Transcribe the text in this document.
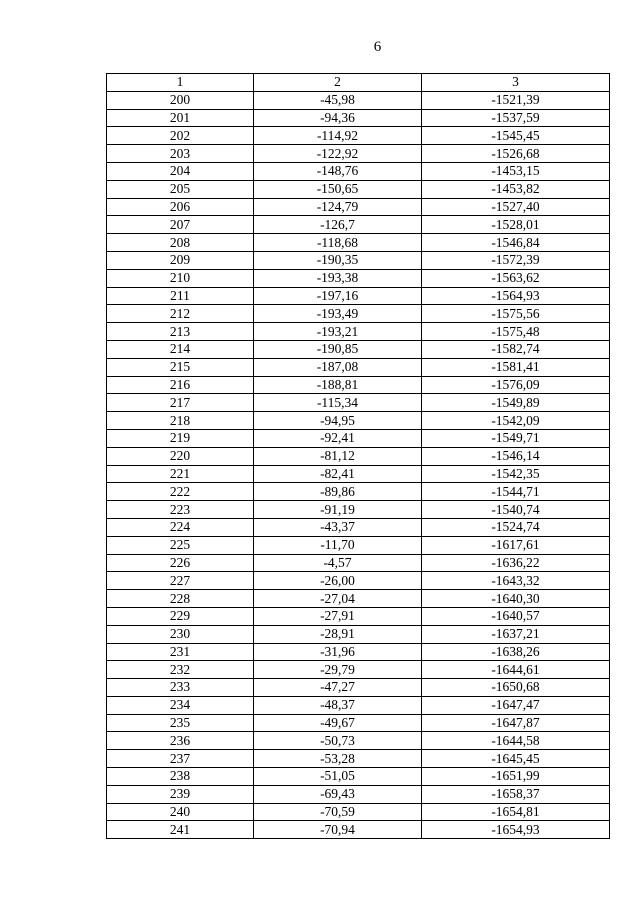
6
1	2	3
200	-45,98	-1521,39
201	-94,36	-1537,59
202	-114,92	-1545,45
203	-122,92	-1526,68
204	-148,76	-1453,15
205	-150,65	-1453,82
206	-124,79	-1527,40
207	-126,7	-1528,01
208	-118,68	-1546,84
209	-190,35	-1572,39
210	-193,38	-1563,62
211	-197,16	-1564,93
212	-193,49	-1575,56
213	-193,21	-1575,48
214	-190,85	-1582,74
215	-187,08	-1581,41
216	-188,81	-1576,09
217	-115,34	-1549,89
218	-94,95	-1542,09
219	-92,41	-1549,71
220	-81,12	-1546,14
221	-82,41	-1542,35
222	-89,86	-1544,71
223	-91,19	-1540,74
224	-43,37	-1524,74
225	-11,70	-1617,61
226	-4,57	-1636,22
227	-26,00	-1643,32
228	-27,04	-1640,30
229	-27,91	-1640,57
230	-28,91	-1637,21
231	-31,96	-1638,26
232	-29,79	-1644,61
233	-47,27	-1650,68
234	-48,37	-1647,47
235	-49,67	-1647,87
236	-50,73	-1644,58
237	-53,28	-1645,45
238	-51,05	-1651,99
239	-69,43	-1658,37
240	-70,59	-1654,81
241	-70,94	-1654,93
